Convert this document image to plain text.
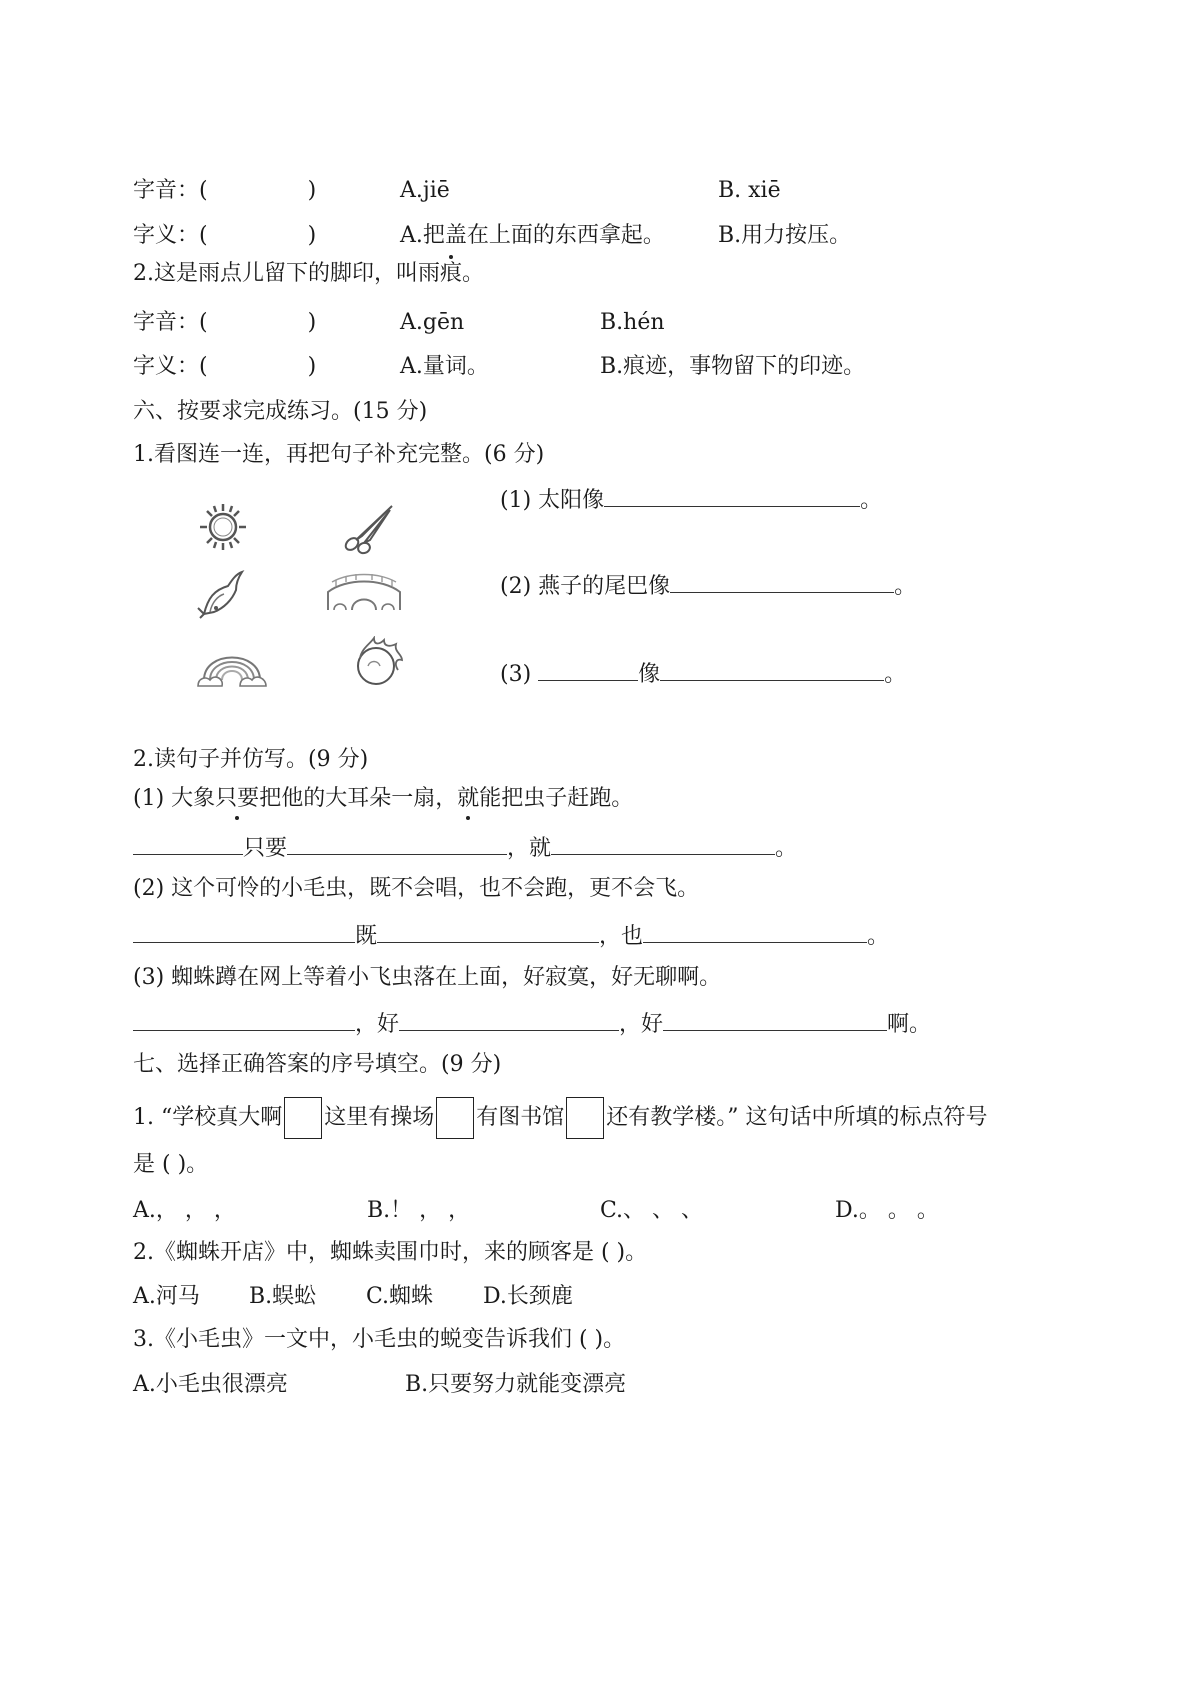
字音：(	)	A.jiē	B. xiē
字义：(	)	A.把盖在上面的东西拿起。 B.用力按压。
2.这是雨点儿留下的脚印，叫雨痕。
字音：(	)	A.gēn	B.hén
字义：(	)	A.量词。	B.痕迹，事物留下的印迹。
六、按要求完成练习。(15 分)
1.看图连一连，再把句子补充完整。(6 分)
(1) 太阳像	。
(2) 燕子的尾巴像	。
(3)	像	。
2.读句子并仿写。(9 分)
(1) 大象只要把他的大耳朵一扇，就能把虫子赶跑。
只要	，就	。
(2) 这个可怜的小毛虫，既不会唱，也不会跑，更不会飞。
既	，也	。
(3) 蜘蛛蹲在网上等着小飞虫落在上面，好寂寞，好无聊啊。
，好	，好	啊。
七、选择正确答案的序号填空。(9 分)
1. “学校真大啊 这里有操场 有图书馆 还有教学楼。” 这句话中所填的标点符号
是 ( )。
A.， ， ，	B.！ ， ，	C.、 、 、	D.。 。 。
2.《蜘蛛开店》中，蜘蛛卖围巾时，来的顾客是 ( )。
A.河马 B.蜈蚣 C.蜘蛛 D.长颈鹿
3.《小毛虫》一文中，小毛虫的蜕变告诉我们 ( )。
A.小毛虫很漂亮	B.只要努力就能变漂亮
